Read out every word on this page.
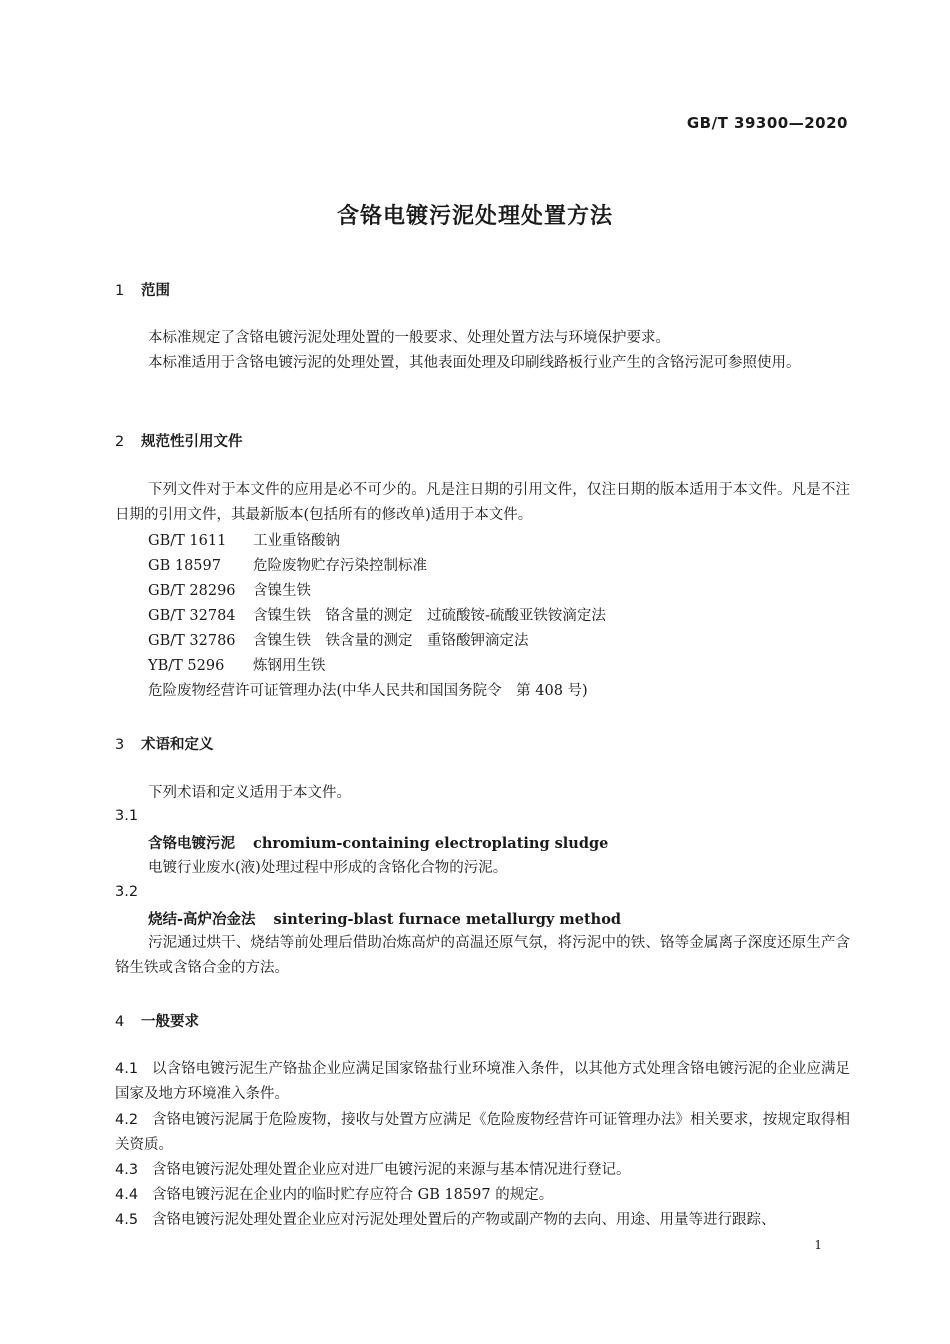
GB/T 39300—2020
含铬电镀污泥处理处置方法
1 范围
本标准规定了含铬电镀污泥处理处置的一般要求、处理处置方法与环境保护要求。
本标准适用于含铬电镀污泥的处理处置，其他表面处理及印刷线路板行业产生的含铬污泥可参照使用。
2 规范性引用文件
下列文件对于本文件的应用是必不可少的。凡是注日期的引用文件，仅注日期的版本适用于本文件。凡是不注日期的引用文件，其最新版本(包括所有的修改单)适用于本文件。
GB/T 1611 工业重铬酸钠
GB 18597 危险废物贮存污染控制标准
GB/T 28296 含镍生铁
GB/T 32784 含镍生铁　铬含量的测定　过硫酸铵-硫酸亚铁铵滴定法
GB/T 32786 含镍生铁　铁含量的测定　重铬酸钾滴定法
YB/T 5296 炼钢用生铁
危险废物经营许可证管理办法(中华人民共和国国务院令　第 408 号)
3 术语和定义
下列术语和定义适用于本文件。
3.1
含铬电镀污泥 chromium-containing electroplating sludge
电镀行业废水(液)处理过程中形成的含铬化合物的污泥。
3.2
烧结-高炉冶金法 sintering-blast furnace metallurgy method
污泥通过烘干、烧结等前处理后借助冶炼高炉的高温还原气氛，将污泥中的铁、铬等金属离子深度还原生产含铬生铁或含铬合金的方法。
4 一般要求
4.1 以含铬电镀污泥生产铬盐企业应满足国家铬盐行业环境准入条件，以其他方式处理含铬电镀污泥的企业应满足国家及地方环境准入条件。
4.2 含铬电镀污泥属于危险废物，接收与处置方应满足《危险废物经营许可证管理办法》相关要求，按规定取得相关资质。
4.3 含铬电镀污泥处理处置企业应对进厂电镀污泥的来源与基本情况进行登记。
4.4 含铬电镀污泥在企业内的临时贮存应符合 GB 18597 的规定。
4.5 含铬电镀污泥处理处置企业应对污泥处理处置后的产物或副产物的去向、用途、用量等进行跟踪、
1
